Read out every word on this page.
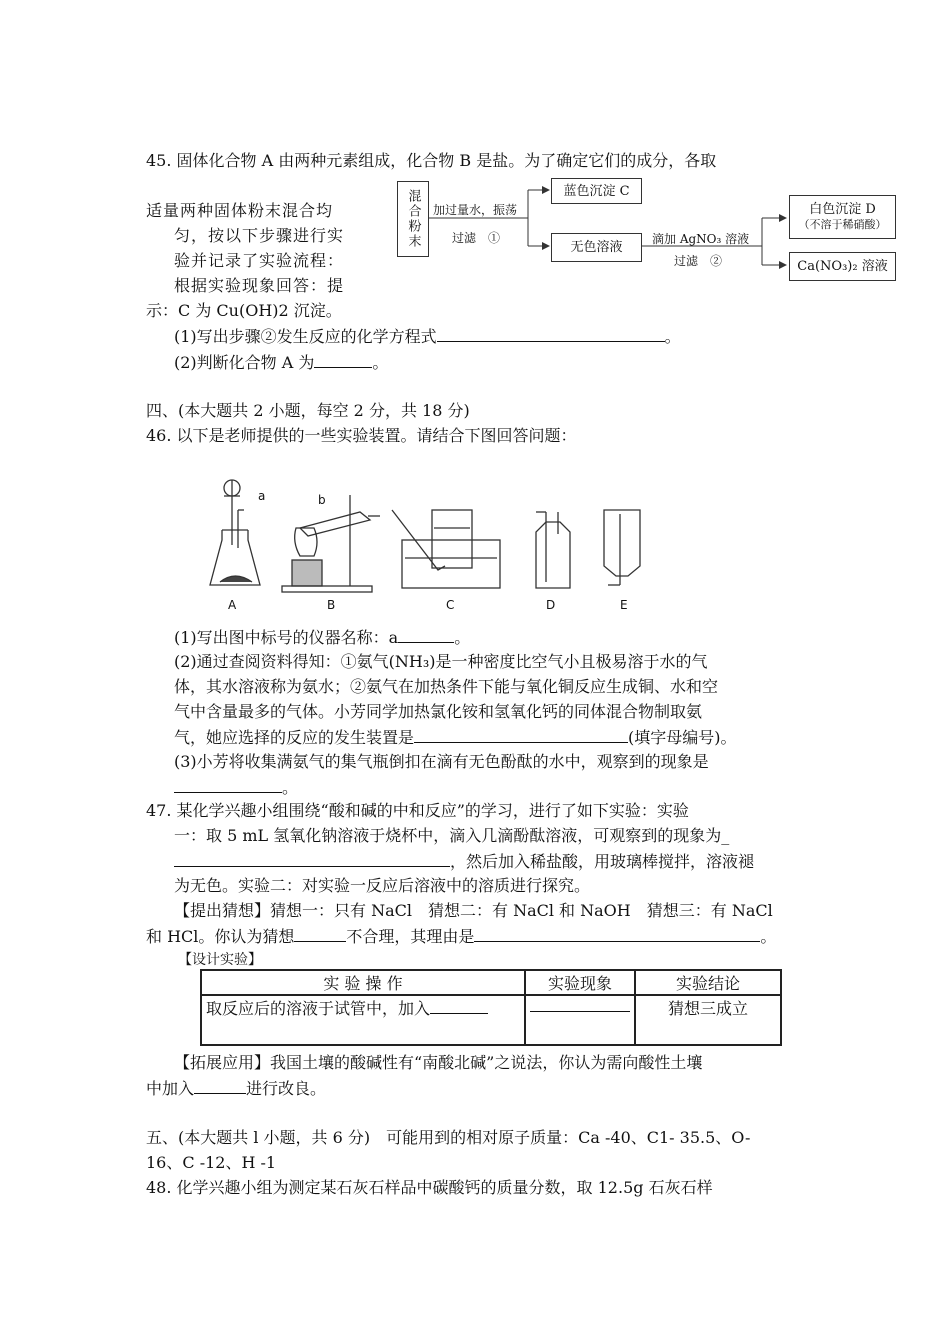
45. 固体化合物 A 由两种元素组成，化合物 B 是盐。为了确定它们的成分，各取
适量两种固体粉末混合均
匀，按以下步骤进行实
验并记录了实验流程：
根据实验现象回答：提
示：C 为 Cu(OH)2 沉淀。
混合粉末	加过量水，振荡
过滤　①
蓝色沉淀 C
无色溶液
滴加 AgNO₃ 溶液
过滤　②
白色沉淀 D
（不溶于稀硝酸）
Ca(NO₃)₂ 溶液
(1)写出步骤②发生反应的化学方程式	。
(2)判断化合物 A 为	。
四、(本大题共 2 小题，每空 2 分，共 18 分)
46. 以下是老师提供的一些实验装置。请结合下图回答问题：
a	b
A	B	C	D	E
(1)写出图中标号的仪器名称：a	。
(2)通过查阅资料得知：①氨气(NH₃)是一种密度比空气小且极易溶于水的气
体，其水溶液称为氨水；②氨气在加热条件下能与氧化铜反应生成铜、水和空
气中含量最多的气体。小芳同学加热氯化铵和氢氧化钙的同体混合物制取氨
气，她应选择的反应的发生装置是	(填字母编号)。
(3)小芳将收集满氨气的集气瓶倒扣在滴有无色酚酞的水中，观察到的现象是
。
47. 某化学兴趣小组围绕“酸和碱的中和反应”的学习，进行了如下实验：实验
一：取 5 mL 氢氧化钠溶液于烧杯中，滴入几滴酚酞溶液，可观察到的现象为_
，然后加入稀盐酸，用玻璃棒搅拌，溶液褪
为无色。实验二：对实验一反应后溶液中的溶质进行探究。
【提出猜想】猜想一：只有 NaCl　猜想二：有 NaCl 和 NaOH　猜想三：有 NaCl
和 HCl。你认为猜想	不合理，其理由是	。
【设计实验】
实 验 操 作	实验现象	实验结论
取反应后的溶液于试管中，加入		猜想三成立
【拓展应用】我国土壤的酸碱性有“南酸北碱”之说法，你认为需向酸性土壤
中加入	进行改良。
五、(本大题共 l 小题，共 6 分)　可能用到的相对原子质量：Ca -40、C1- 35.5、O-
16、C -12、H -1
48. 化学兴趣小组为测定某石灰石样品中碳酸钙的质量分数，取 12.5g 石灰石样
